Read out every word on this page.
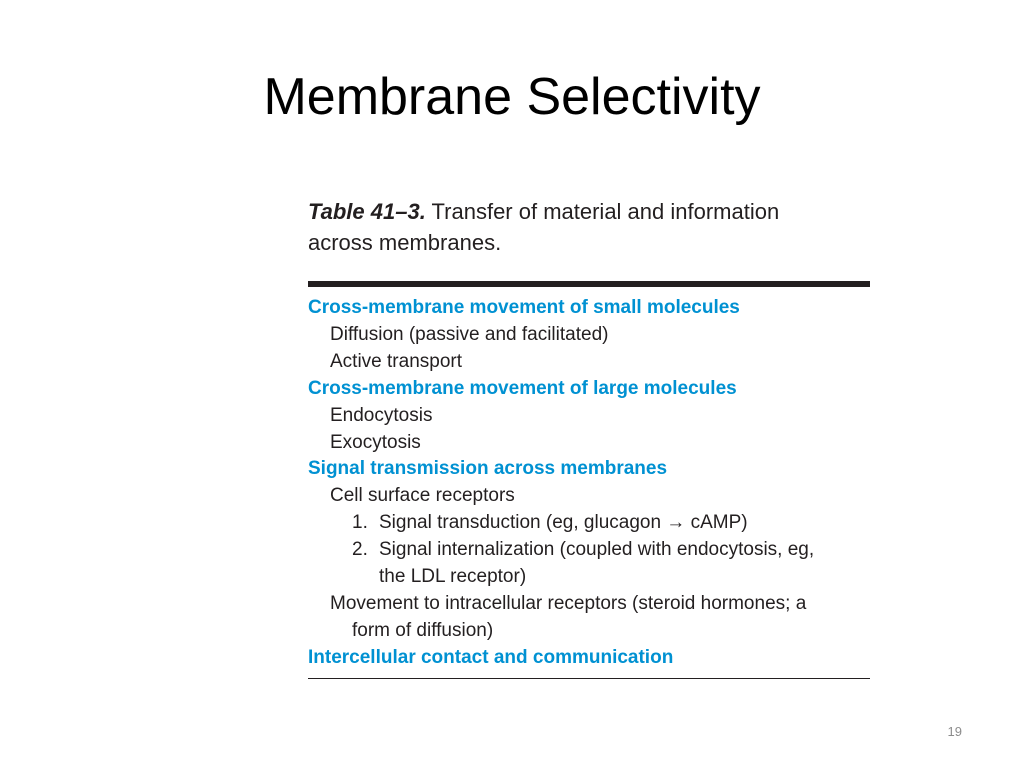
Membrane Selectivity

Table 41–3. Transfer of material and information
across membranes.

Cross-membrane movement of small molecules
Diffusion (passive and facilitated)
Active transport
Cross-membrane movement of large molecules
Endocytosis
Exocytosis
Signal transmission across membranes
Cell surface receptors
1. Signal transduction (eg, glucagon → cAMP)
2. Signal internalization (coupled with endocytosis, eg,
the LDL receptor)
Movement to intracellular receptors (steroid hormones; a
form of diffusion)
Intercellular contact and communication
19
